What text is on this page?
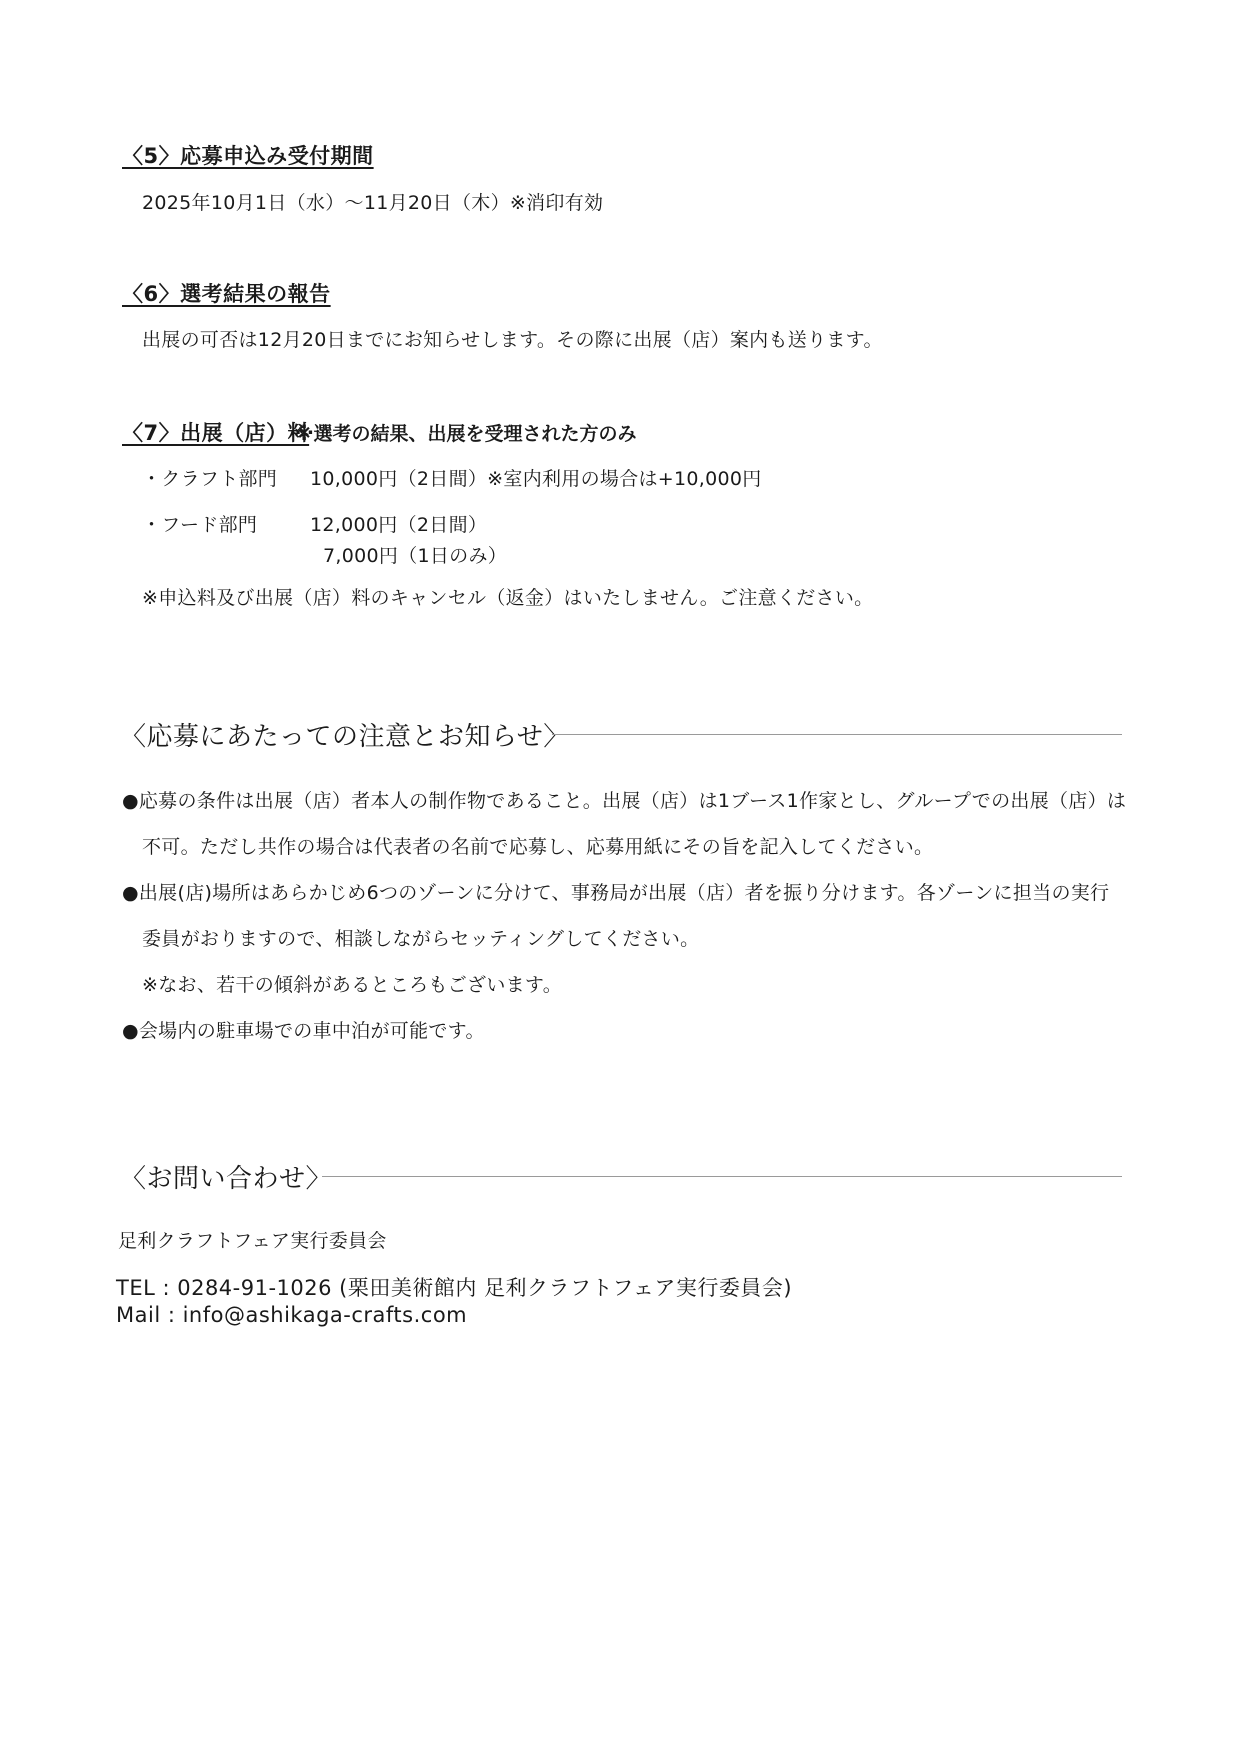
〈5〉応募申込み受付期間
2025年10月1日（水）～11月20日（木）※消印有効
〈6〉選考結果の報告
出展の可否は12月20日までにお知らせします。その際に出展（店）案内も送ります。
〈7〉出展（店）料
※選考の結果、出展を受理された方のみ
・クラフト部門 10,000円（2日間）※室内利用の場合は+10,000円
・フード部門	12,000円（2日間）
7,000円（1日のみ）
※申込料及び出展（店）料のキャンセル（返金）はいたしません。ご注意ください。
〈応募にあたっての注意とお知らせ〉
●応募の条件は出展（店）者本人の制作物であること。出展（店）は1ブース1作家とし、グループでの出展（店）は
不可。ただし共作の場合は代表者の名前で応募し、応募用紙にその旨を記入してください。
●出展(店)場所はあらかじめ6つのゾーンに分けて、事務局が出展（店）者を振り分けます。各ゾーンに担当の実行
委員がおりますので、相談しながらセッティングしてください。
※なお、若干の傾斜があるところもございます。
●会場内の駐車場での車中泊が可能です。
〈お問い合わせ〉
足利クラフトフェア実行委員会
TEL : 0284-91-1026 (栗田美術館内 足利クラフトフェア実行委員会)
Mail : info@ashikaga-crafts.com
